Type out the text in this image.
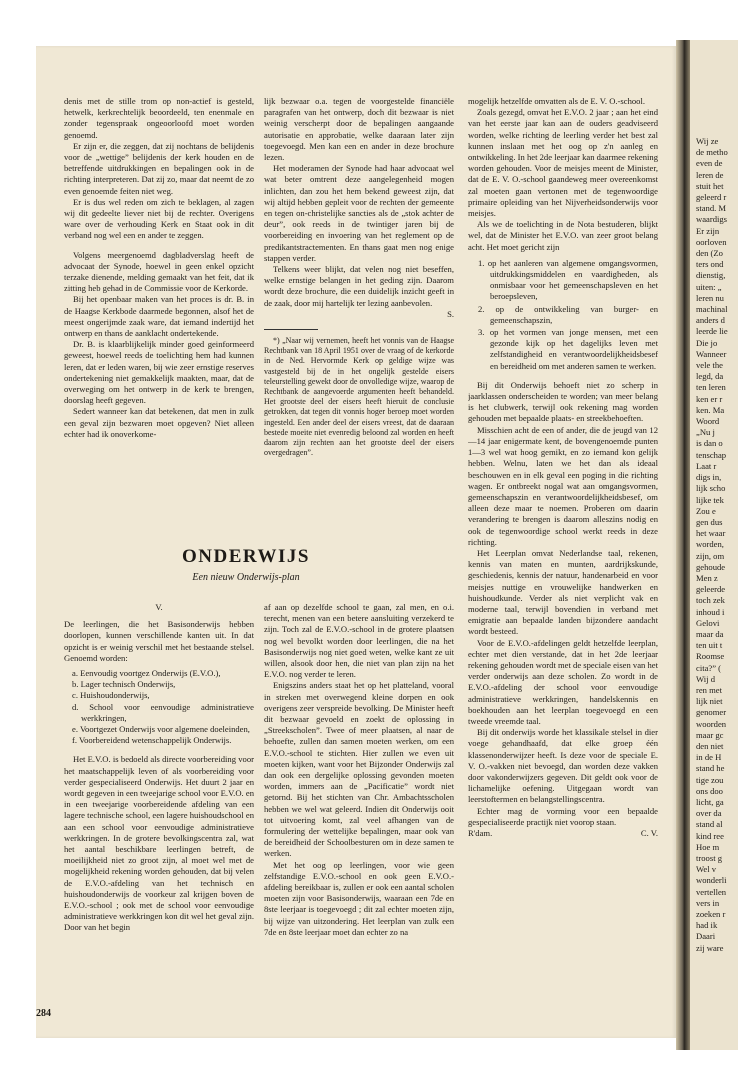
denis met de stille trom op non-actief is gesteld, hetwelk, kerkrechtelijk beoordeeld, ten enenmale en zonder tegenspraak ongeoorloofd moet worden genoemd.

Er zijn er, die zeggen, dat zij nochtans de belijdenis voor de „wettige” belijdenis der kerk houden en de betreffende uitdrukkingen en bepalingen ook in de richting interpreteren. Dat zij zo, maar dat neemt de zo even genoemde feiten niet weg.

Er is dus wel reden om zich te beklagen, al zagen wij dit gedeelte liever niet bij de rechter. Overigens ware over de verhouding Kerk en Staat ook in dit verband nog wel een en ander te zeggen.

Volgens meergenoemd dagbladverslag heeft de advocaat der Synode, hoewel in geen enkel opzicht terzake dienende, melding gemaakt van het feit, dat ik zitting heb gehad in de Commissie voor de Kerkorde.

Bij het openbaar maken van het proces is dr. B. in de Haagse Kerkbode daarmede begonnen, alsof het de meest ongerijmde zaak ware, dat iemand indertijd het ontwerp en thans de aanklacht ondertekende.

Dr. B. is klaarblijkelijk minder goed geinformeerd geweest, hoewel reeds de toelichting hem had kunnen leren, dat er leden waren, bij wie zeer ernstige reserves ondertekening niet gemakkelijk maakten, maar, dat de overweging om het ontwerp in de kerk te brengen, doorslag heeft gegeven.

Sedert wanneer kan dat betekenen, dat men in zulk een geval zijn bezwaren moet opgeven? Niet alleen echter had ik onoverkome-

lijk bezwaar o.a. tegen de voorgestelde financiële paragrafen van het ontwerp, doch dit bezwaar is niet weinig verscherpt door de bepalingen aangaande autorisatie en approbatie, welke daaraan later zijn toegevoegd. Men kan een en ander in deze brochure lezen.

Het moderamen der Synode had haar advocaat wel wat beter omtrent deze aangelegenheid mogen inlichten, dan zou het hem bekend geweest zijn, dat wij altijd hebben gepleit voor de rechten der gemeente en tegen on-christelijke sancties als de „stok achter de deur”, ook reeds in de twintiger jaren bij de voorbereiding en invoering van het reglement op de predikantstractementen. En thans gaat men nog enige stappen verder.

Telkens weer blijkt, dat velen nog niet beseffen, welke ernstige belangen in het geding zijn. Daarom wordt deze brochure, die een duidelijk inzicht geeft in de zaak, door mij hartelijk ter lezing aanbevolen.

S.

*) „Naar wij vernemen, heeft het vonnis van de Haagse Rechtbank van 18 April 1951 over de vraag of de kerkorde in de Ned. Hervormde Kerk op geldige wijze was vastgesteld bij de in het ongelijk gestelde eisers teleurstelling gewekt door de onvolledige wijze, waarop de Rechtbank de aangevoerde argumenten heeft behandeld. Het grootste deel der eisers heeft hieruit de conclusie getrokken, dat tegen dit vonnis hoger beroep moet worden ingesteld. Een ander deel der eisers vreest, dat de daaraan bestede moeite niet evenredig beloond zal worden en heeft daarom zijn rechten aan het grootste deel der eisers overgedragen”.

mogelijk hetzelfde omvatten als de E. V. O.-school.

Zoals gezegd, omvat het E.V.O. 2 jaar ; aan het eind van het eerste jaar kan aan de ouders geadviseerd worden, welke richting de leerling verder het best zal kunnen inslaan met het oog op z'n aanleg en ontwikkeling. In het 2de leerjaar kan daarmee rekening worden gehouden. Voor de meisjes meent de Minister, dat de E. V. O.-school gaandeweg meer overeenkomst zal moeten gaan vertonen met de tegenwoordige primaire opleiding van het Nijverheidsonderwijs voor meisjes.

Als we de toelichting in de Nota bestuderen, blijkt wel, dat de Minister het E.V.O. van zeer groot belang acht. Het moet gericht zijn

1. op het aanleren van algemene omgangsvormen, uitdrukkingsmiddelen en vaardigheden, als onmisbaar voor het gemeenschapsleven en het beroepsleven,
2. op de ontwikkeling van burger- en gemeenschapszin,
3. op het vormen van jonge mensen, met een gezonde kijk op het dagelijks leven met zelfstandigheid en verantwoordelijkheidsbesef en bereidheid om met anderen samen te werken.

Bij dit Onderwijs behoeft niet zo scherp in jaarklassen onderscheiden te worden; van meer belang is het clubwerk, terwijl ook rekening mag worden gehouden met bepaalde plaats- en streekbehoeften.

Misschien acht de een of ander, die de jeugd van 12—14 jaar enigermate kent, de bovengenoemde punten 1—3 wel wat hoog gemikt, en zo iemand kon gelijk hebben. Welnu, laten we het dan als ideaal beschouwen en in elk geval een poging in die richting wagen. Er ontbreekt nogal wat aan omgangsvormen, gemeenschapszin en verantwoordelijkheidsbesef, om alleen deze maar te noemen. Proberen om daarin verandering te brengen is daarom alleszins nodig en ook de tegenwoordige school werkt reeds in deze richting.

Het Leerplan omvat Nederlandse taal, rekenen, kennis van maten en munten, aardrijkskunde, geschiedenis, kennis der natuur, handenarbeid en voor meisjes nuttige en vrouwelijke handwerken en huishoudkunde. Verder als niet verplicht vak en moderne taal, terwijl bovendien in verband met emigratie aan bepaalde landen bijzondere aandacht wordt besteed.

Voor de E.V.O.-afdelingen geldt hetzelfde leerplan, echter met dien verstande, dat in het 2de leerjaar rekening gehouden wordt met de speciale eisen van het verder onderwijs aan deze scholen. Zo wordt in de E.V.O.-afdeling der school voor eenvoudige administratieve werkkringen, handelskennis en boekhouden aan het leerplan toegevoegd en een tweede vreemde taal.

Bij dit onderwijs worde het klassikale stelsel in dier voege gehandhaafd, dat elke groep één klassenonderwijzer heeft. Is deze voor de speciale E. V. O.-vakken niet bevoegd, dan worden deze vakken door vakonderwijzers gegeven. Dit geldt ook voor de lichamelijke oefening. Uitgegaan wordt van leerstoftermen en belangstellingscentra.

Echter mag de vorming voor een bepaalde gespecialiseerde practijk niet voorop staan.

R'dam.	C. V.
ONDERWIJS
Een nieuw Onderwijs-plan

V.

De leerlingen, die het Basisonderwijs hebben doorlopen, kunnen verschillende kanten uit. In dat opzicht is er weinig verschil met het bestaande stelsel. Genoemd worden:

a. Eenvoudig voortgez Onderwijs (E.V.O.),
b. Lager technisch Onderwijs,
c. Huishoudonderwijs,
d. School voor eenvoudige administratieve werkkringen,
e. Voortgezet Onderwijs voor algemene doeleinden,
f. Voorbereidend wetenschappelijk Onderwijs.

Het E.V.O. is bedoeld als directe voorbereiding voor het maatschappelijk leven of als voorbereiding voor verder gespecialiseerd Onderwijs. Het duurt 2 jaar en wordt gegeven in een tweejarige school voor E.V.O. en in een tweejarige voorbereidende afdeling van een lagere technische school, een lagere huishoudschool en aan een school voor eenvoudige administratieve werkkringen. In de grotere bevolkingscentra zal, wat het aantal beschikbare leerlingen betreft, de moeilijkheid niet zo groot zijn, al moet wel met de mogelijkheid rekening worden gehouden, dat bij velen de E.V.O.-afdeling van het technisch en huishoudonderwijs de voorkeur zal krijgen boven de E.V.O.-school ; ook met de school voor eenvoudige administratieve werkkringen kon dit wel het geval zijn. Door van het begin

af aan op dezelfde school te gaan, zal men, en o.i. terecht, menen van een betere aansluiting verzekerd te zijn. Toch zal de E.V.O.-school in de grotere plaatsen nog wel bevolkt worden door leerlingen, die na het Basisonderwijs nog niet goed weten, welke kant ze uit willen, alsook door hen, die niet van plan zijn na het E.V.O. nog verder te leren.

Enigszins anders staat het op het platteland, vooral in streken met overwegend kleine dorpen en ook overigens zeer verspreide bevolking. De Minister heeft dit bezwaar gevoeld en zoekt de oplossing in „Streekscholen”. Twee of meer plaatsen, al naar de behoefte, zullen dan samen moeten werken, om een E.V.O.-school te stichten. Hier zullen we even uit moeten kijken, want voor het Bijzonder Onderwijs zal dan ook een dergelijke oplossing gevonden moeten worden, immers aan de „Pacificatie” wordt niet getornd. Bij het stichten van Chr. Ambachtsscholen hebben we wel wat geleerd. Indien dit Onderwijs ooit tot uitvoering komt, zal veel afhangen van de formulering der wettelijke bepalingen, maar ook van de bereidheid der Schoolbesturen om in deze samen te werken.

Met het oog op leerlingen, voor wie geen zelfstandige E.V.O.-school en ook geen E.V.O.-afdeling bereikbaar is, zullen er ook een aantal scholen moeten zijn voor Basisonderwijs, waaraan een 7de en 8ste leerjaar is toegevoegd ; dit zal echter moeten zijn, bij wijze van uitzondering. Het leerplan van zulk een 7de en 8ste leerjaar moet dan echter zo na

284
Wij ze
de metho
even de
leren de
stuit het
geleerd r
stand. M
waardigs
Er zijn
oorloven
den (Zo
ters ond
dienstig,
uiten: „
leren nu
machinal
anders d
leerde lie
Die jo
Wanneer
vele the
legd, da
ten leren
ken er r
ken. Ma
Woord
„Nu j
is dan o
tenschap
Laat r
digs in,
lijk scho
lijke tek
Zou e
gen dus
het waar
worden,
zijn, om
gehoude
Men z
geleerde
toch zek
inhoud i
Gelovi
maar da
ten uit t
Roomse
cita?” (
Wij d
ren met
lijk niet
genomer
woorden
maar gc
den niet
in de H
stand he
tige zou
ons doo
licht, ga
over da
stand al
kind ree
Hoe m
troost g
Wel v
wonderli
vertellen
vers in
zoeken r
had ik
Daari
zij ware
